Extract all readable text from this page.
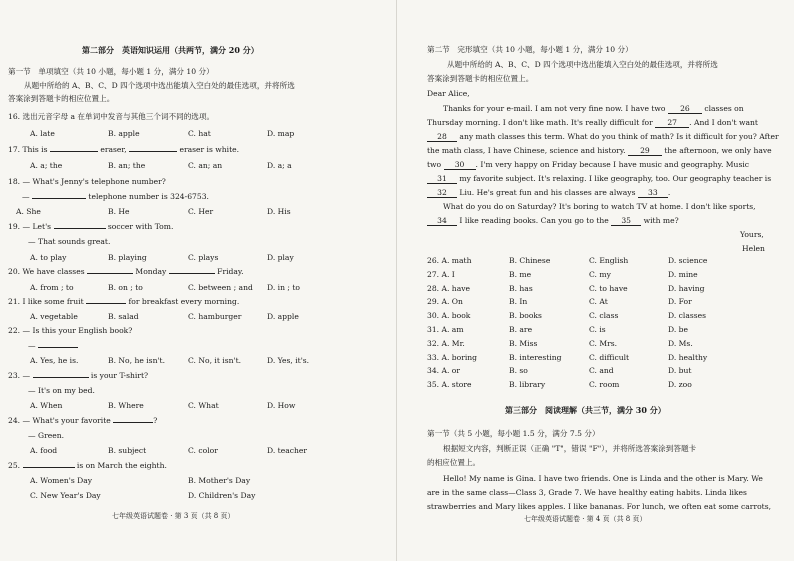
第二部分　英语知识运用（共两节，满分 20 分）
第一节　单项填空（共 10 小题，每小题 1 分，满分 10 分）
从题中所给的 A、B、C、D 四个选项中选出能填入空白处的最佳选项，并将所选
答案涂到答题卡的相应位置上。
16. 选出元音字母 a 在单词中发音与其他三个词不同的选项。
A. late	B. apple	C. hat	D. map
17. This is	eraser,	eraser is white.
A. a; the	B. an; the	C. an; an	D. a; a
18. — What's Jenny's telephone number?
—	telephone number is 324-6753.
A. She	B. He	C. Her	D. His
19. — Let's	soccer with Tom.
— That sounds great.
A. to play	B. playing	C. plays	D. play
20. We have classes	Monday	Friday.
A. from ; to	B. on ; to	C. between ; and D. in ; to
21. I like some fruit	for breakfast every morning.
A. vegetable	B. salad	C. hamburger	D. apple
22. — Is this your English book?
—
A. Yes, he is.	B. No, he isn't.	C. No, it isn't.	D. Yes, it's.
23. —	is your T-shirt?
— It's on my bed.
A. When	B. Where	C. What	D. How
24. — What's your favorite	?
— Green.
A. food	B. subject	C. color	D. teacher
25.	is on March the eighth.
A. Women's Day	B. Mother's Day
C. New Year's Day	D. Children's Day
七年级英语试题卷 · 第 3 页（共 8 页）
第二节　完形填空（共 10 小题，每小题 1 分，满分 10 分）
从题中所给的 A、B、C、D 四个选项中选出能填入空白处的最佳选项，并将所选
答案涂到答题卡的相应位置上。
Dear Alice,
Thanks for your e-mail. I am not very fine now. I have two 26 classes on
Thursday morning. I don't like math. It's really difficult for 27 . And I don't want
28 any math classes this term. What do you think of math? Is it difficult for you? After
the math class, I have Chinese, science and history. 29 the afternoon, we only have
two 30 . I'm very happy on Friday because I have music and geography. Music
31 my favorite subject. It's relaxing. I like geography, too. Our geography teacher is
32 Liu. He's great fun and his classes are always 33 .
What do you do on Saturday? It's boring to watch TV at home. I don't like sports,
34 I like reading books. Can you go to the 35 with me?
Yours,
Helen
26. A. math	B. Chinese	C. English	D. science
27. A. I	B. me	C. my	D. mine
28. A. have	B. has	C. to have	D. having
29. A. On	B. In	C. At	D. For
30. A. book	B. books	C. class	D. classes
31. A. am	B. are	C. is	D. be
32. A. Mr.	B. Miss	C. Mrs.	D. Ms.
33. A. boring	B. interesting	C. difficult	D. healthy
34. A. or	B. so	C. and	D. but
35. A. store	B. library	C. room	D. zoo
第三部分　阅读理解（共三节，满分 30 分）
第一节（共 5 小题，每小题 1.5 分，满分 7.5 分）
根据短文内容，判断正误（正确 "T"，错误 "F"），并将所选答案涂到答题卡
的相应位置上。
Hello! My name is Gina. I have two friends. One is Linda and the other is Mary. We
are in the same class—Class 3, Grade 7. We have healthy eating habits. Linda likes
strawberries and Mary likes apples. I like bananas. For lunch, we often eat some carrots,
七年级英语试题卷 · 第 4 页（共 8 页）
